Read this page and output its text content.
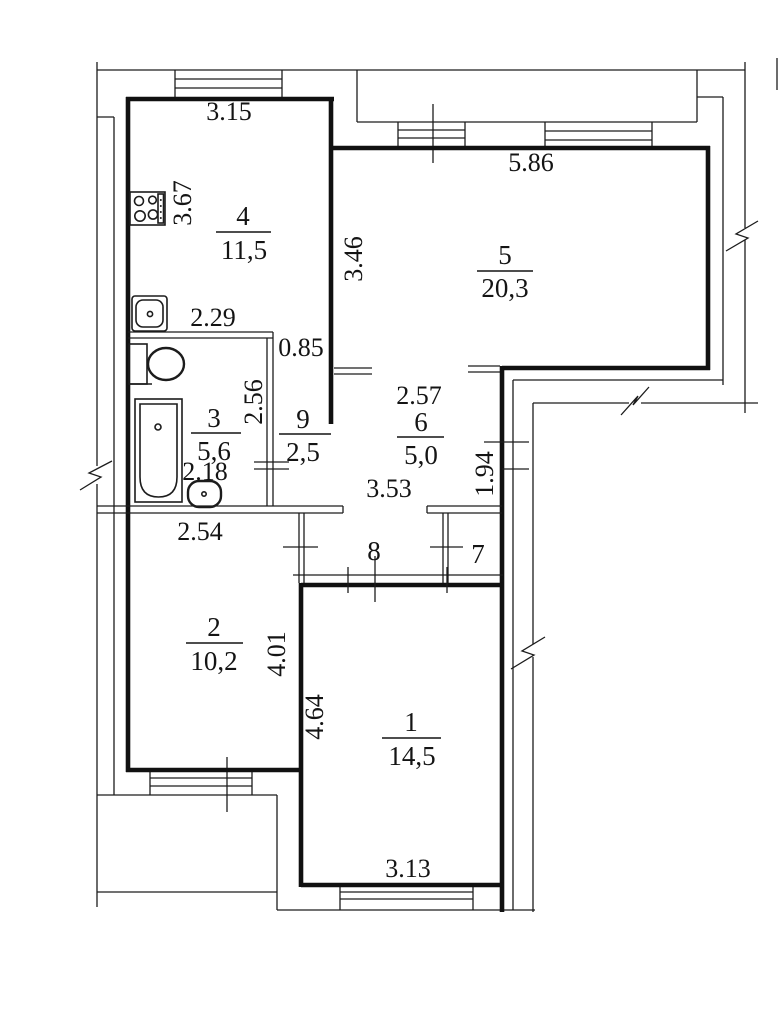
3.15
3.67
5.86
3.46
2.29
0.85
2.56
2.18
2.54
2.57
3.53 1.94
4.01
4.64
3.13
4
11,5	5
20,3
3
5,6
9
2,5
6
5,0
8	7
2
10,2
1
14,5
